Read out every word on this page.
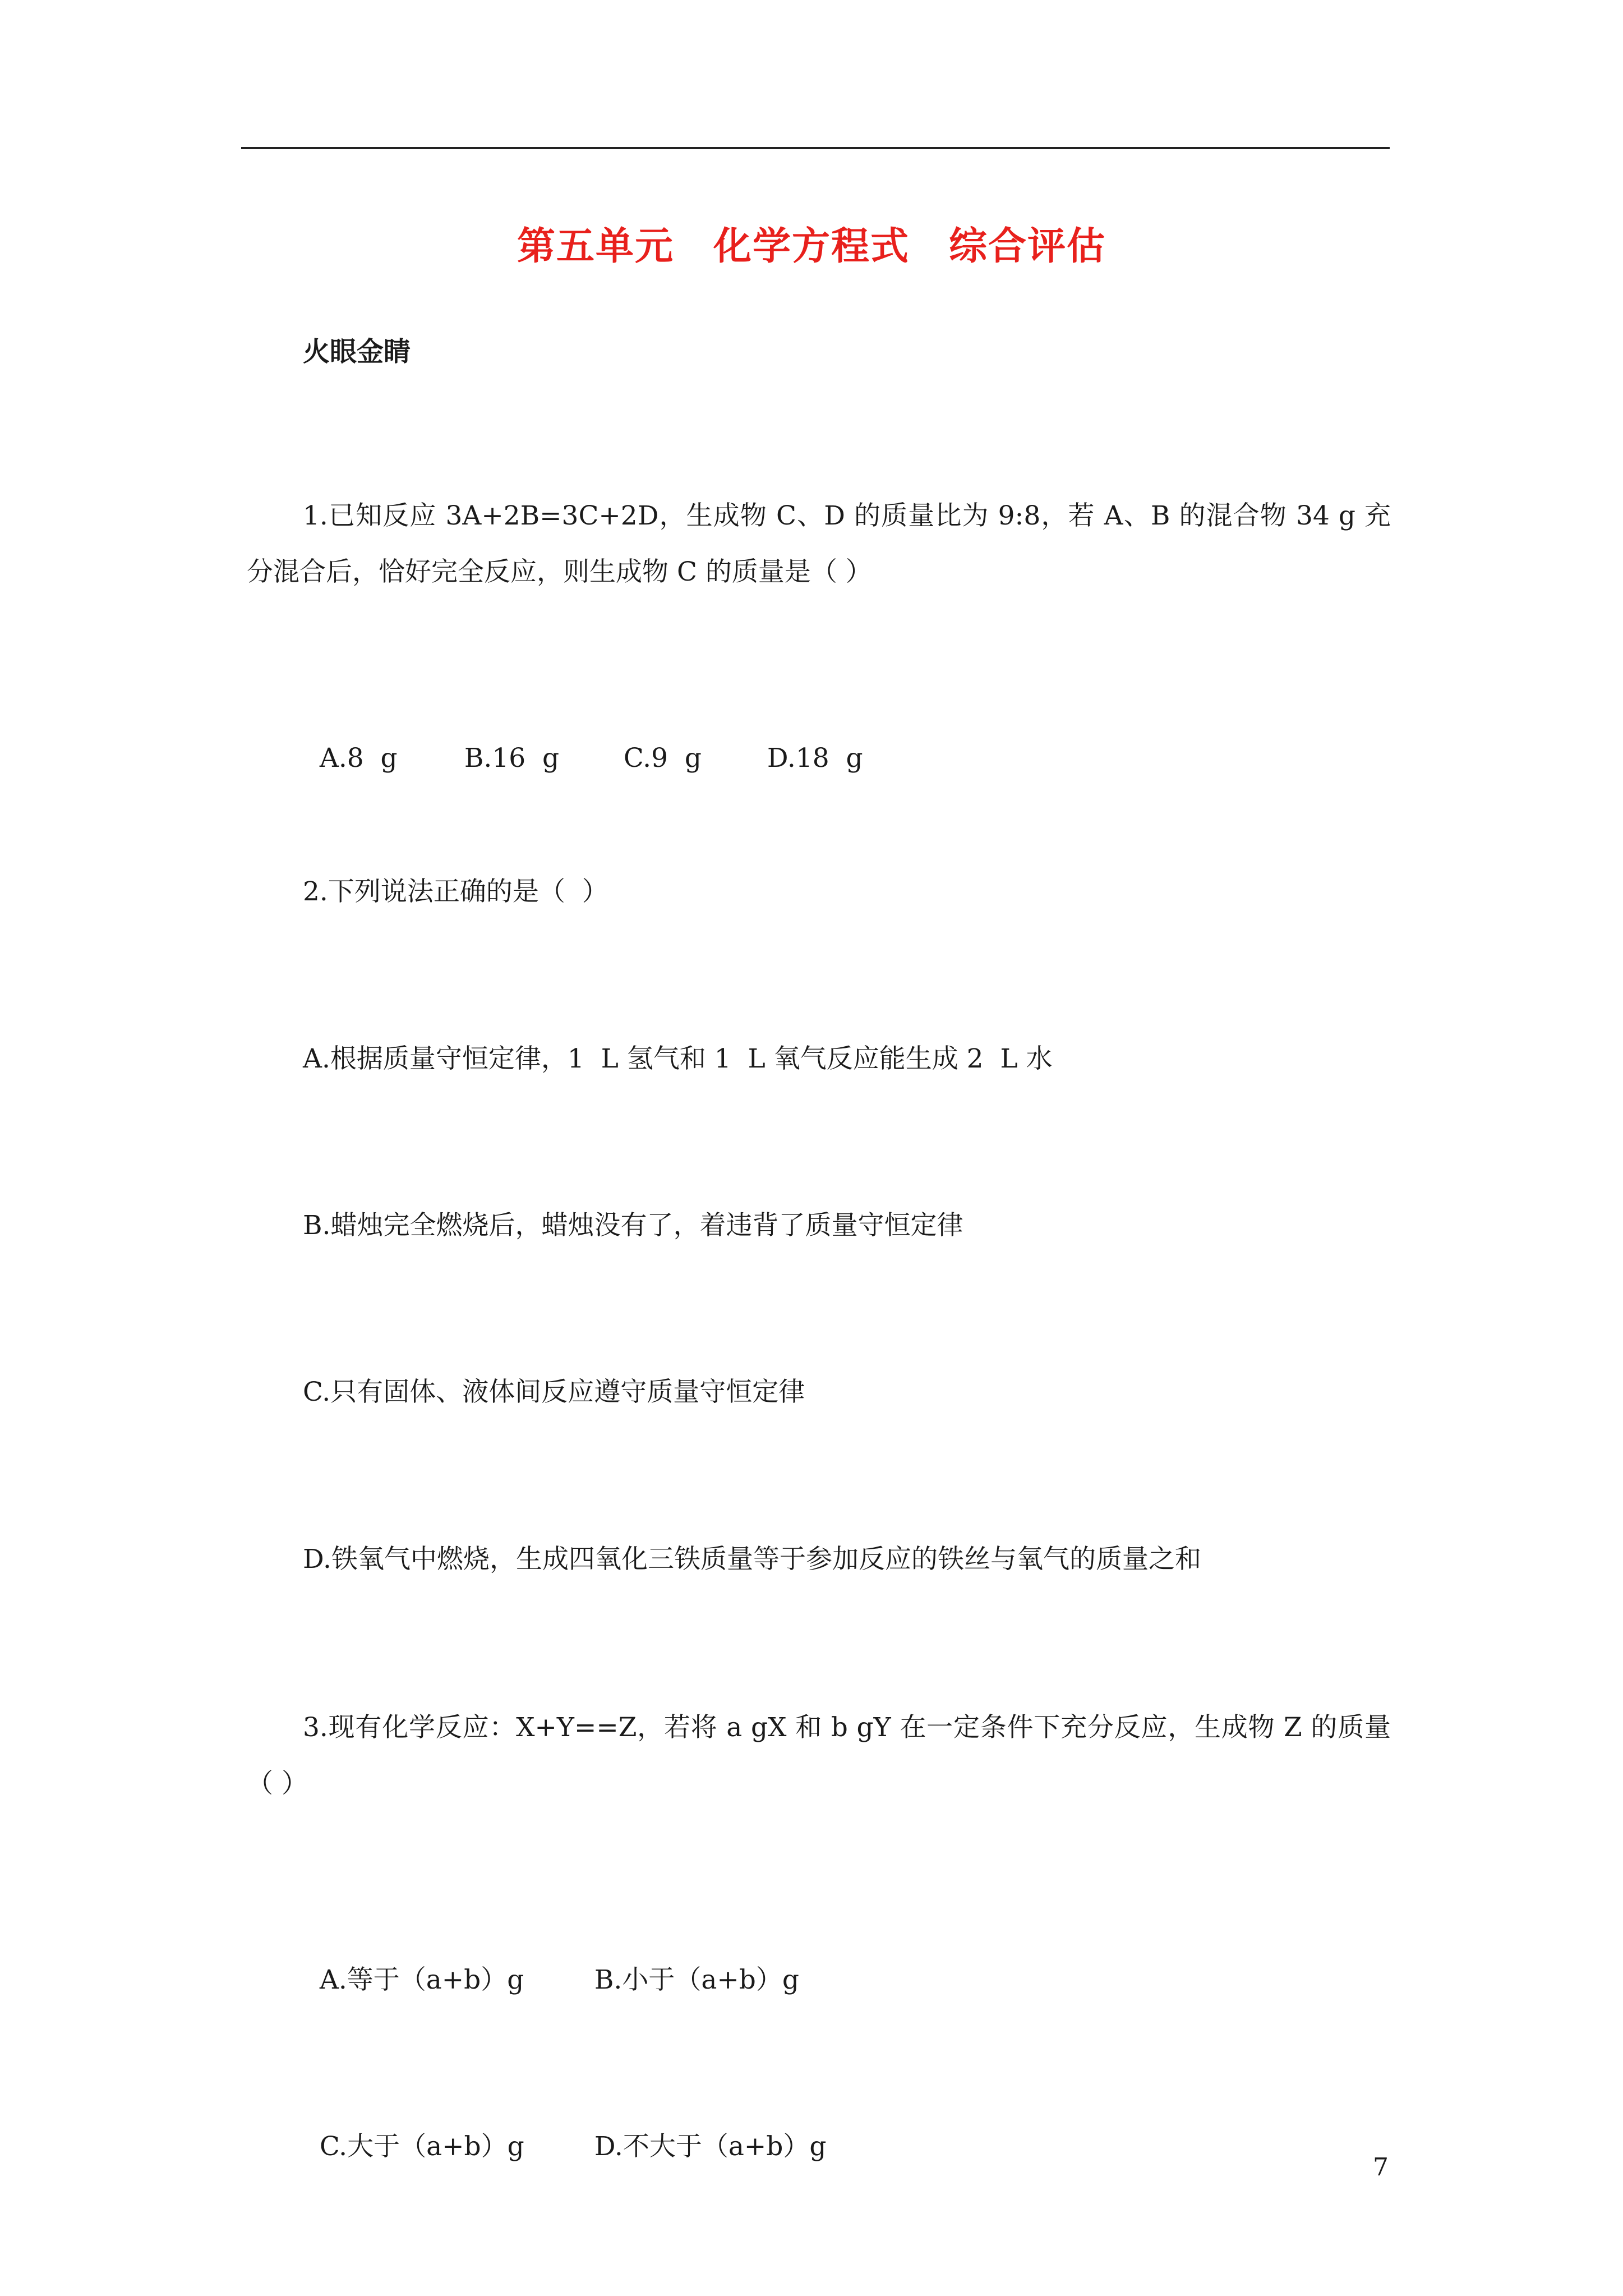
第五单元　化学方程式　综合评估
火眼金睛
1.已知反应 3A+2B=3C+2D，生成物 C、D 的质量比为 9:8，若 A、B 的混合物 34 g 充分混合后，恰好完全反应，则生成物 C 的质量是（ ）

A.8  g	B.16  g C.9  g D.18  g

2.下列说法正确的是（  ）
A.根据质量守恒定律，1  L 氢气和 1  L 氧气反应能生成 2  L 水
B.蜡烛完全燃烧后，蜡烛没有了，着违背了质量守恒定律
C.只有固体、液体间反应遵守质量守恒定律
D.铁氧气中燃烧，生成四氧化三铁质量等于参加反应的铁丝与氧气的质量之和
3.现有化学反应：X+Y==Z，若将 a gX 和 b gY 在一定条件下充分反应，生成物 Z 的质量（ ）

A.等于（a+b）g	B.小于（a+b）g

C.大于（a+b）g	D.不大于（a+b）g

7
